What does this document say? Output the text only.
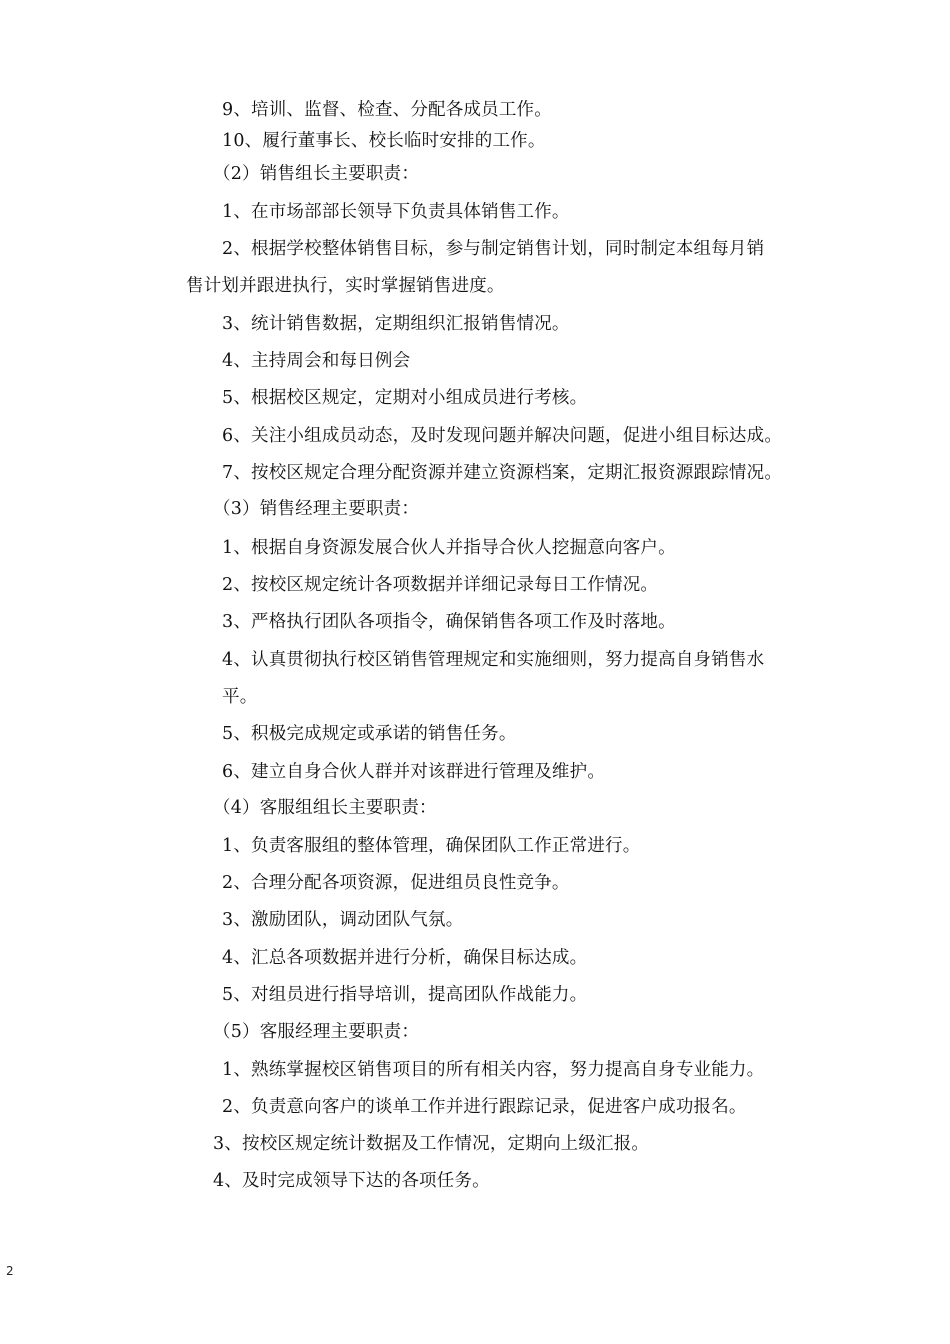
9、培训、监督、检查、分配各成员工作。
10、履行董事长、校长临时安排的工作。
（2）销售组长主要职责：
1、在市场部部长领导下负责具体销售工作。
2、根据学校整体销售目标，参与制定销售计划，同时制定本组每月销
售计划并跟进执行，实时掌握销售进度。
3、统计销售数据，定期组织汇报销售情况。
4、主持周会和每日例会
5、根据校区规定，定期对小组成员进行考核。
6、关注小组成员动态，及时发现问题并解决问题，促进小组目标达成。
7、按校区规定合理分配资源并建立资源档案，定期汇报资源跟踪情况。
（3）销售经理主要职责：
1、根据自身资源发展合伙人并指导合伙人挖掘意向客户。
2、按校区规定统计各项数据并详细记录每日工作情况。
3、严格执行团队各项指令，确保销售各项工作及时落地。
4、认真贯彻执行校区销售管理规定和实施细则，努力提高自身销售水
平。
5、积极完成规定或承诺的销售任务。
6、建立自身合伙人群并对该群进行管理及维护。
（4）客服组组长主要职责：
1、负责客服组的整体管理，确保团队工作正常进行。
2、合理分配各项资源，促进组员良性竞争。
3、激励团队，调动团队气氛。
4、汇总各项数据并进行分析，确保目标达成。
5、对组员进行指导培训，提高团队作战能力。
（5）客服经理主要职责：
1、熟练掌握校区销售项目的所有相关内容，努力提高自身专业能力。
2、负责意向客户的谈单工作并进行跟踪记录，促进客户成功报名。
3、按校区规定统计数据及工作情况，定期向上级汇报。
4、及时完成领导下达的各项任务。
2
